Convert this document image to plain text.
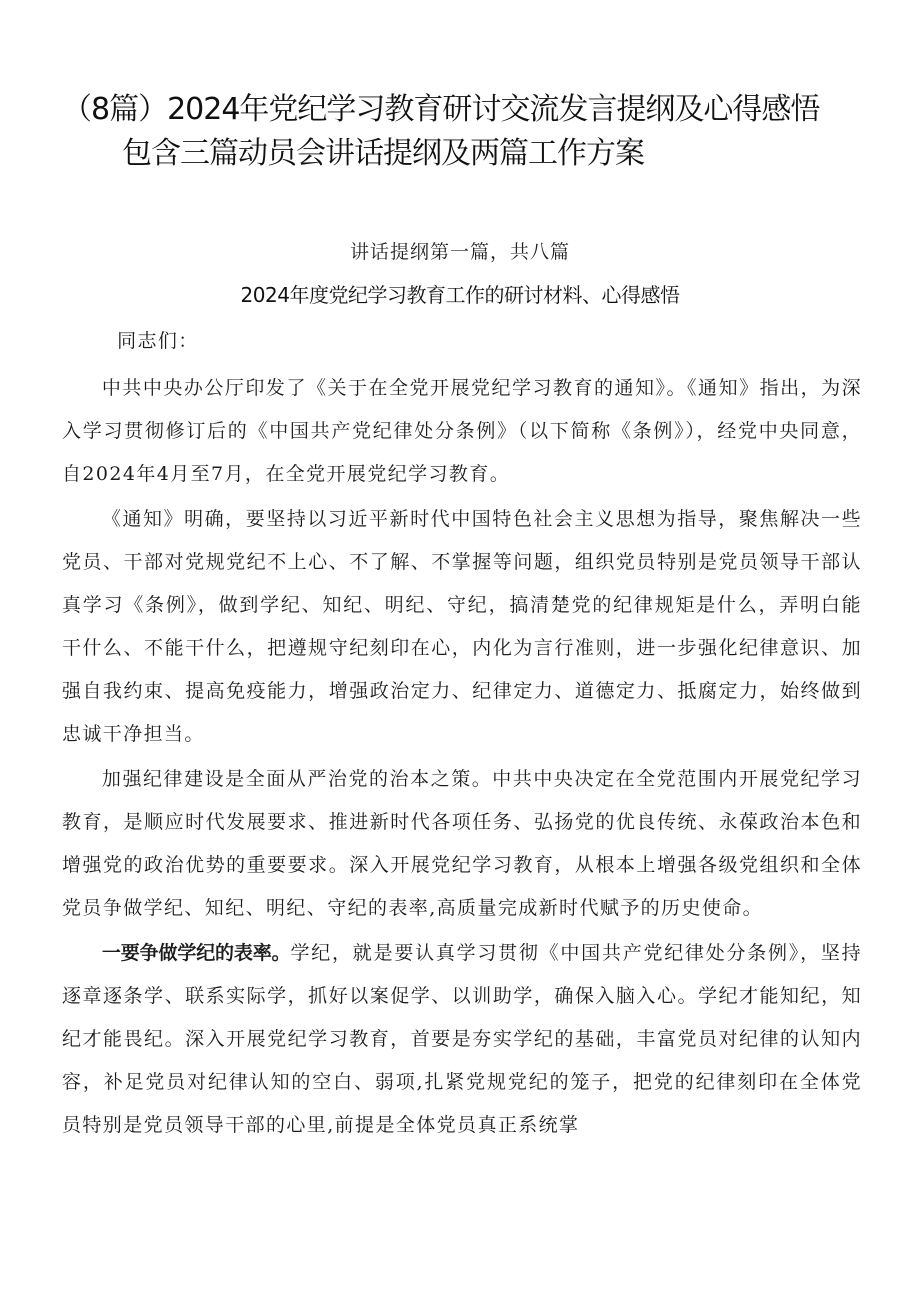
（8篇）2024年党纪学习教育研讨交流发言提纲及心得感悟
包含三篇动员会讲话提纲及两篇工作方案
讲话提纲第一篇，共八篇
2024年度党纪学习教育工作的研讨材料、心得感悟

同志们：

中共中央办公厅印发了《关于在全党开展党纪学习教育的通知》。《通知》指出，为深入学习贯彻修订后的《中国共产党纪律处分条例》（以下简称《条例》），经党中央同意，自2024年4月至7月，在全党开展党纪学习教育。

《通知》明确，要坚持以习近平新时代中国特色社会主义思想为指导，聚焦解决一些党员、干部对党规党纪不上心、不了解、不掌握等问题，组织党员特别是党员领导干部认真学习《条例》，做到学纪、知纪、明纪、守纪，搞清楚党的纪律规矩是什么，弄明白能干什么、不能干什么，把遵规守纪刻印在心，内化为言行准则，进一步强化纪律意识、加强自我约束、提高免疫能力，增强政治定力、纪律定力、道德定力、抵腐定力，始终做到忠诚干净担当。

加强纪律建设是全面从严治党的治本之策。中共中央决定在全党范围内开展党纪学习教育，是顺应时代发展要求、推进新时代各项任务、弘扬党的优良传统、永葆政治本色和增强党的政治优势的重要要求。深入开展党纪学习教育，从根本上增强各级党组织和全体党员争做学纪、知纪、明纪、守纪的表率,高质量完成新时代赋予的历史使命。

一要争做学纪的表率。学纪，就是要认真学习贯彻《中国共产党纪律处分条例》，坚持逐章逐条学、联系实际学，抓好以案促学、以训助学，确保入脑入心。学纪才能知纪，知纪才能畏纪。深入开展党纪学习教育，首要是夯实学纪的基础，丰富党员对纪律的认知内容，补足党员对纪律认知的空白、弱项,扎紧党规党纪的笼子，把党的纪律刻印在全体党员特别是党员领导干部的心里,前提是全体党员真正系统掌
